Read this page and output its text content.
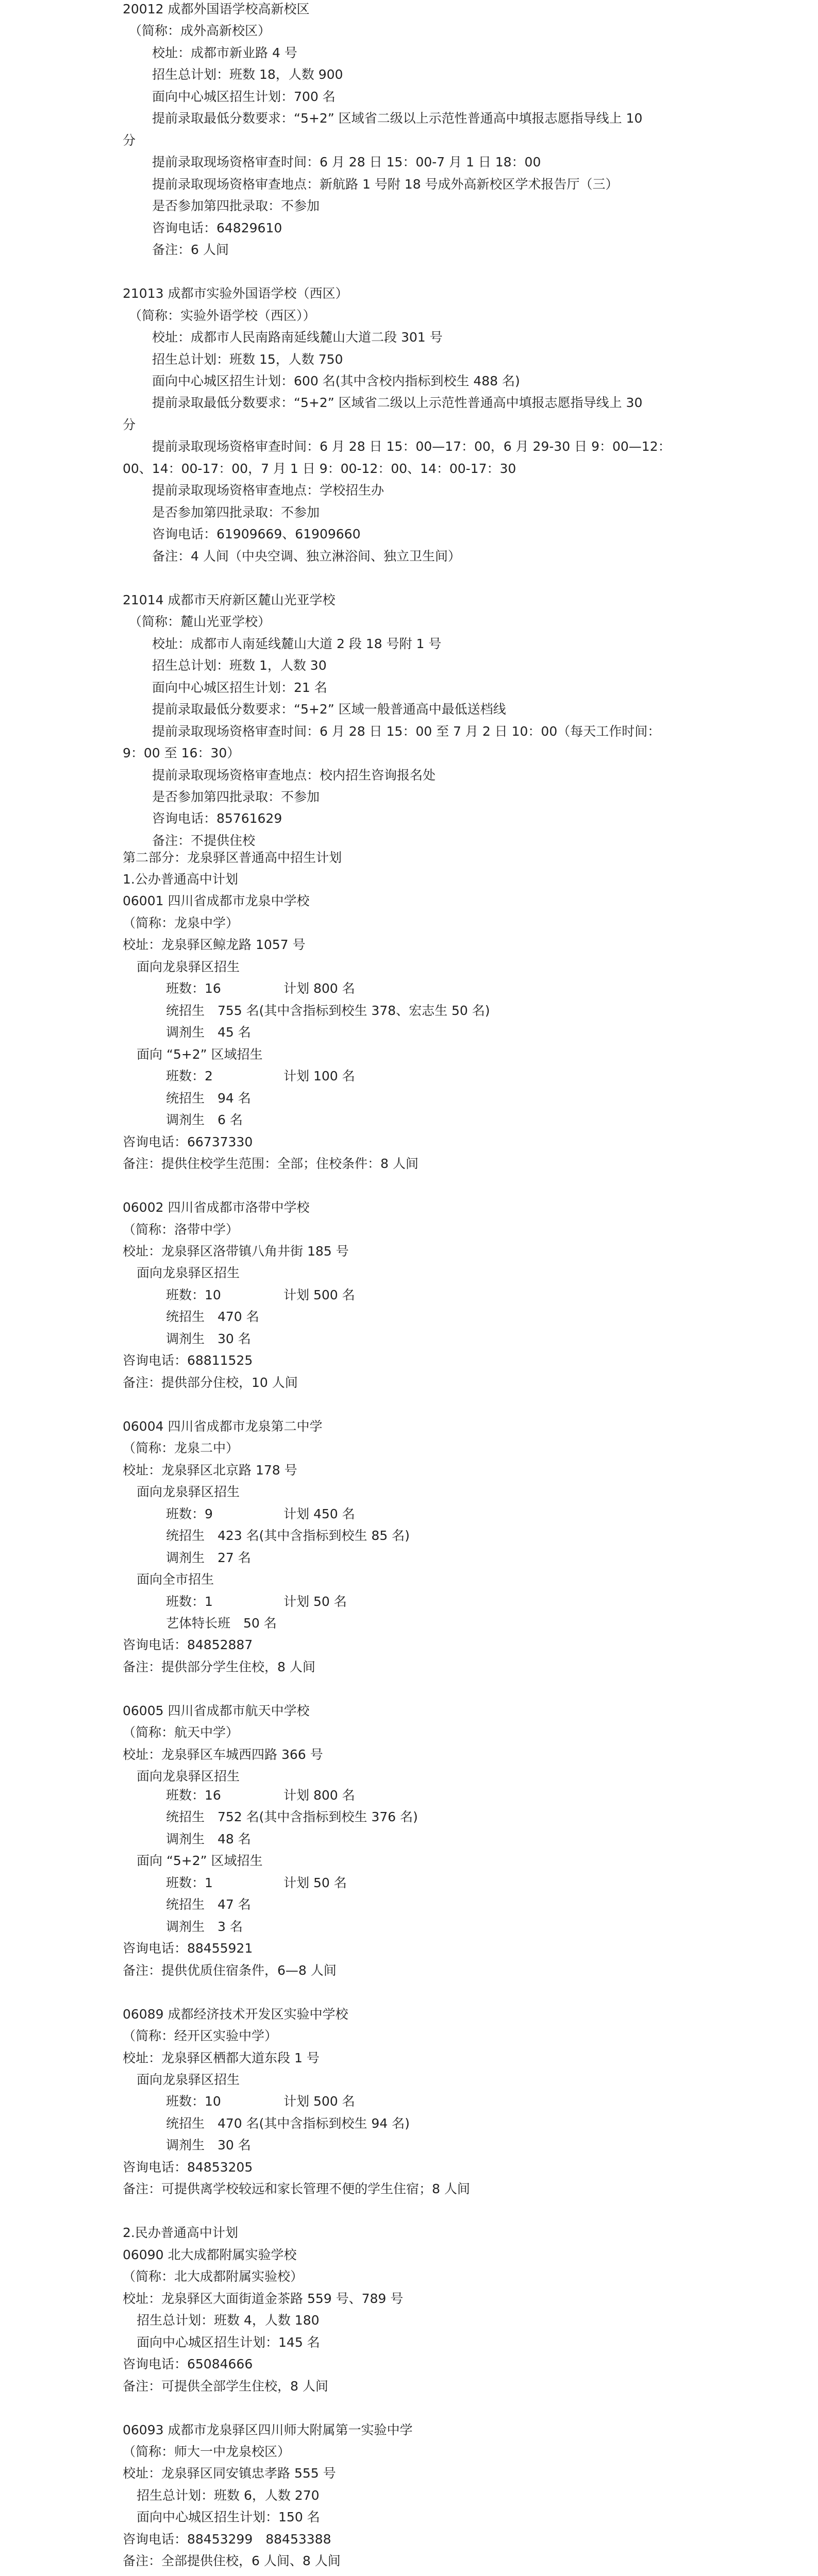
20012 成都外国语学校高新校区
（简称：成外高新校区）
校址：成都市新业路 4 号
招生总计划：班数 18，人数 900
面向中心城区招生计划：700 名
提前录取最低分数要求：“5+2” 区域省二级以上示范性普通高中填报志愿指导线上 10
分
提前录取现场资格审查时间：6 月 28 日 15：00-7 月 1 日 18：00
提前录取现场资格审查地点：新航路 1 号附 18 号成外高新校区学术报告厅（三）
是否参加第四批录取：不参加
咨询电话：64829610
备注：6 人间
21013 成都市实验外国语学校（西区）
（简称：实验外语学校（西区））
校址：成都市人民南路南延线麓山大道二段 301 号
招生总计划：班数 15，人数 750
面向中心城区招生计划：600 名(其中含校内指标到校生 488 名)
提前录取最低分数要求：“5+2” 区域省二级以上示范性普通高中填报志愿指导线上 30
分
提前录取现场资格审查时间：6 月 28 日 15：00—17：00，6 月 29-30 日 9：00—12：
00、14：00-17：00，7 月 1 日 9：00-12：00、14：00-17：30
提前录取现场资格审查地点：学校招生办
是否参加第四批录取：不参加
咨询电话：61909669、61909660
备注：4 人间（中央空调、独立淋浴间、独立卫生间）
21014 成都市天府新区麓山光亚学校
（简称：麓山光亚学校）
校址：成都市人南延线麓山大道 2 段 18 号附 1 号
招生总计划：班数 1，人数 30
面向中心城区招生计划：21 名
提前录取最低分数要求：“5+2” 区域一般普通高中最低送档线
提前录取现场资格审查时间：6 月 28 日 15：00 至 7 月 2 日 10：00（每天工作时间：
9：00 至 16：30）
提前录取现场资格审查地点：校内招生咨询报名处
是否参加第四批录取：不参加
咨询电话：85761629
备注：不提供住校
第二部分：龙泉驿区普通高中招生计划
1.公办普通高中计划
06001 四川省成都市龙泉中学校
（简称：龙泉中学）
校址：龙泉驿区鲸龙路 1057 号
面向龙泉驿区招生
班数：16	计划 800 名
统招生　755 名(其中含指标到校生 378、宏志生 50 名)
调剂生　45 名
面向 “5+2” 区域招生
班数：2	计划 100 名
统招生　94 名
调剂生　6 名
咨询电话：66737330
备注：提供住校学生范围：全部；住校条件：8 人间
06002 四川省成都市洛带中学校
（简称：洛带中学）
校址：龙泉驿区洛带镇八角井街 185 号
面向龙泉驿区招生
班数：10	计划 500 名
统招生　470 名
调剂生　30 名
咨询电话：68811525
备注：提供部分住校，10 人间
06004 四川省成都市龙泉第二中学
（简称：龙泉二中）
校址：龙泉驿区北京路 178 号
面向龙泉驿区招生
班数：9	计划 450 名
统招生　423 名(其中含指标到校生 85 名)
调剂生　27 名
面向全市招生
班数：1	计划 50 名
艺体特长班　50 名
咨询电话：84852887
备注：提供部分学生住校，8 人间
06005 四川省成都市航天中学校
（简称：航天中学）
校址：龙泉驿区车城西四路 366 号
面向龙泉驿区招生
班数：16	计划 800 名
统招生　752 名(其中含指标到校生 376 名)
调剂生　48 名
面向 “5+2” 区域招生
班数：1	计划 50 名
统招生　47 名
调剂生　3 名
咨询电话：88455921
备注：提供优质住宿条件，6—8 人间
06089 成都经济技术开发区实验中学校
（简称：经开区实验中学）
校址：龙泉驿区栖都大道东段 1 号
面向龙泉驿区招生
班数：10	计划 500 名
统招生　470 名(其中含指标到校生 94 名)
调剂生　30 名
咨询电话：84853205
备注：可提供离学校较远和家长管理不便的学生住宿；8 人间
2.民办普通高中计划
06090 北大成都附属实验学校
（简称：北大成都附属实验校）
校址：龙泉驿区大面街道金茶路 559 号、789 号
招生总计划：班数 4，人数 180
面向中心城区招生计划：145 名
咨询电话：65084666
备注：可提供全部学生住校，8 人间
06093 成都市龙泉驿区四川师大附属第一实验中学
（简称：师大一中龙泉校区）
校址：龙泉驿区同安镇忠孝路 555 号
招生总计划：班数 6，人数 270
面向中心城区招生计划：150 名
咨询电话：88453299　88453388
备注：全部提供住校，6 人间、8 人间
